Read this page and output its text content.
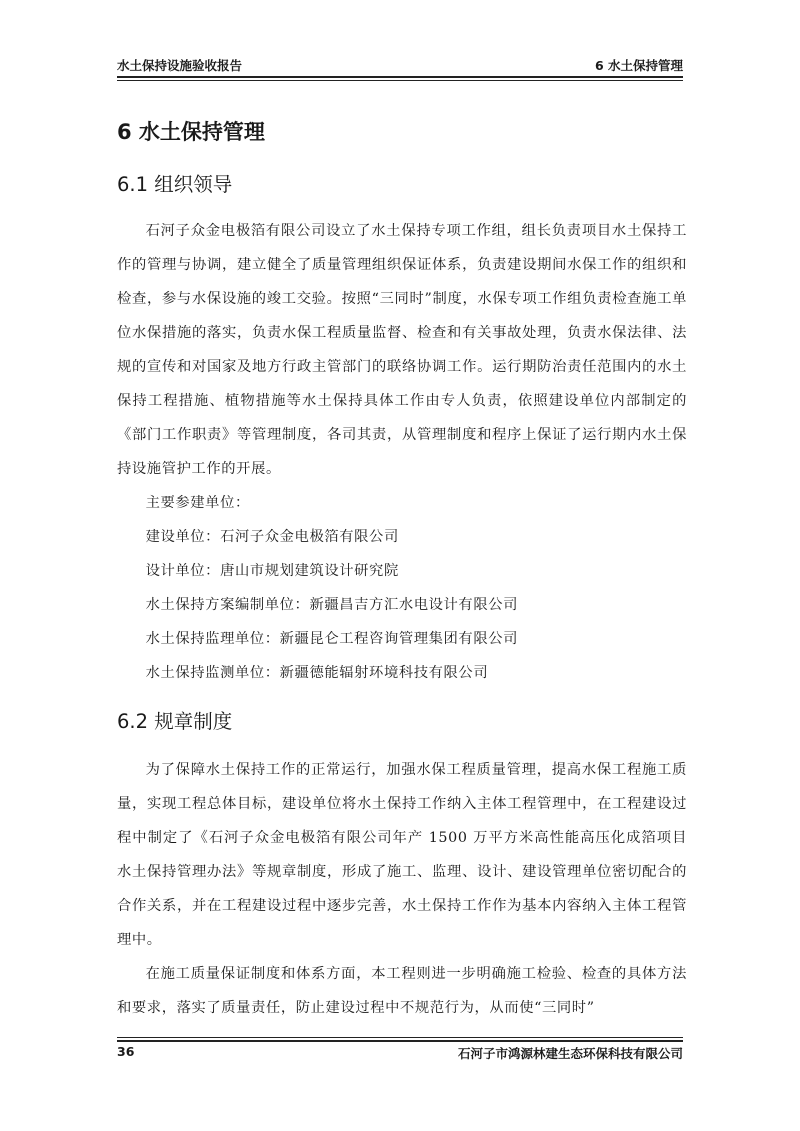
水土保持设施验收报告	6 水土保持管理
6 水土保持管理
6.1 组织领导

石河子众金电极箔有限公司设立了水土保持专项工作组，组长负责项目水土保持工作的管理与协调，建立健全了质量管理组织保证体系，负责建设期间水保工作的组织和检查，参与水保设施的竣工交验。按照“三同时”制度，水保专项工作组负责检查施工单位水保措施的落实，负责水保工程质量监督、检查和有关事故处理，负责水保法律、法规的宣传和对国家及地方行政主管部门的联络协调工作。运行期防治责任范围内的水土保持工程措施、植物措施等水土保持具体工作由专人负责，依照建设单位内部制定的《部门工作职责》等管理制度，各司其责，从管理制度和程序上保证了运行期内水土保持设施管护工作的开展。

主要参建单位：
建设单位：石河子众金电极箔有限公司
设计单位：唐山市规划建筑设计研究院
水土保持方案编制单位：新疆昌吉方汇水电设计有限公司
水土保持监理单位：新疆昆仑工程咨询管理集团有限公司
水土保持监测单位：新疆德能辐射环境科技有限公司
6.2 规章制度

为了保障水土保持工作的正常运行，加强水保工程质量管理，提高水保工程施工质量，实现工程总体目标，建设单位将水土保持工作纳入主体工程管理中，在工程建设过程中制定了《石河子众金电极箔有限公司年产 1500 万平方米高性能高压化成箔项目水土保持管理办法》等规章制度，形成了施工、监理、设计、建设管理单位密切配合的合作关系，并在工程建设过程中逐步完善，水土保持工作作为基本内容纳入主体工程管理中。

在施工质量保证制度和体系方面，本工程则进一步明确施工检验、检查的具体方法和要求，落实了质量责任，防止建设过程中不规范行为，从而使“三同时”

36	石河子市鸿源林建生态环保科技有限公司
